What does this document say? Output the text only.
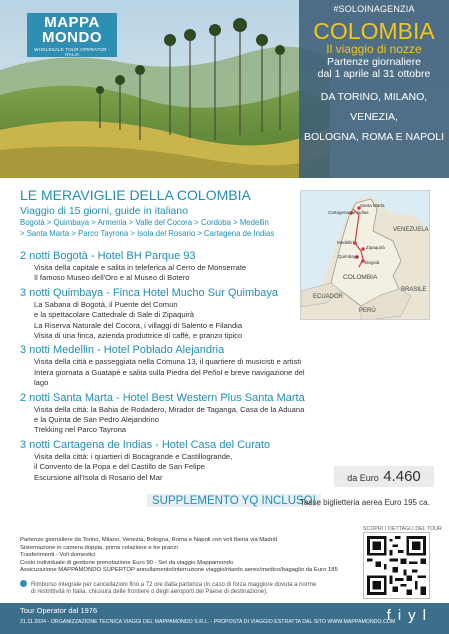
MAPPA
MONDO
WHOLESALE TOUR OPERATOR · ITALIA
#SOLOINAGENZIA
COLOMBIA
Il viaggio di nozze
Partenze giornaliere
dal 1 aprile al 31 ottobre
DA TORINO, MILANO,
VENEZIA,
BOLOGNA, ROMA E NAPOLI
LE MERAVIGLIE DELLA COLOMBIA
Viaggio di 15 giorni, guide in italiano
Bogotà > Quimbaya > Armenia > Valle del Cocora > Cordoba > Medellin
> Santa Marta > Parco Tayrona > Isola del Rosario > Cartagena de Indias
Santa Marta
Cartagena de Indias
VENEZUELA
Medellin
Zipaquirà
Quimbaya
Bogotà
COLOMBIA
ECUADOR
BRASILE
PERÙ
2 notti Bogotà - Hotel BH Parque 93
Visita della capitale e salita in teleferica al Cerro de Monserrate
Il famoso Museo dell'Oro e al Museo di Botero
3 notti Quimbaya - Finca Hotel Mucho Sur Quimbaya
La Sabana di Bogotà, il Puente del Comun
e la spettacolare Cattedrale di Sale di Zipaquirà
La Riserva Naturale del Cocora, i villaggi di Salento e Filandia
Visita di una finca, azienda produttrice di caffè, e pranzo tipico
3 notti Medellin - Hotel Poblado Alejandria
Visita della città e passeggiata nella Comuna 13, il quartiere di musicisti e artisti
Intera giornata a Guatapè e salita sulla Piedra del Peñol e breve navigazione del lago
2 notti Santa Marta - Hotel Best Western Plus Santa Marta
Visita della città: la Bahia de Rodadero, Mirador de Taganga, Casa de la Aduana
e la Quinta de San Pedro Alejandrino
Trekking nel Parco Tayrona
3 notti Cartagena de Indias - Hotel Casa del Curato
Visita della città: i quartieri di Bocagrande e Castillogrande,
il Convento de la Popa e del Castillo de San Felipe
Escursione all'Isola di Rosario del Mar	da Euro 4.460
SUPPLEMENTO YQ INCLUSO!
Tasse biglietteria aerea Euro 195 ca.
Partenze giornaliere da Torino, Milano, Venezia, Bologna, Roma e Napoli con voli Iberia via Madrid
Sistemazione in camera doppia, prima colazione e tre pranzi
Trasferimenti - Voli domestici
Costo individuale di gestione prenotazione Euro 90 - Set da viaggio Mappamondo
Assicurazione MAPPAMONDO SUPERTOP annullamento/interruzione viaggio/ritardo aereo/medico/bagaglio da Euro 185
Rimborso integrale per cancellazioni fino a 72 ore dalla partenza (in caso di forza maggiore dovuta a norme
di restrittività in Italia, chiusura delle frontiere o degli aeroporti del Paese di destinazione).
SCOPRI I DETTAGLI DEL TOUR
Tour Operator dal 1976
21.11.2024 - ORGANIZZAZIONE TECNICA VIAGGI DEL MAPPAMONDO S.R.L. - PROPOSTA DI VIAGGIO ESTRATTA DAL SITO WWW.MAPPAMONDO.COM
fiyl
